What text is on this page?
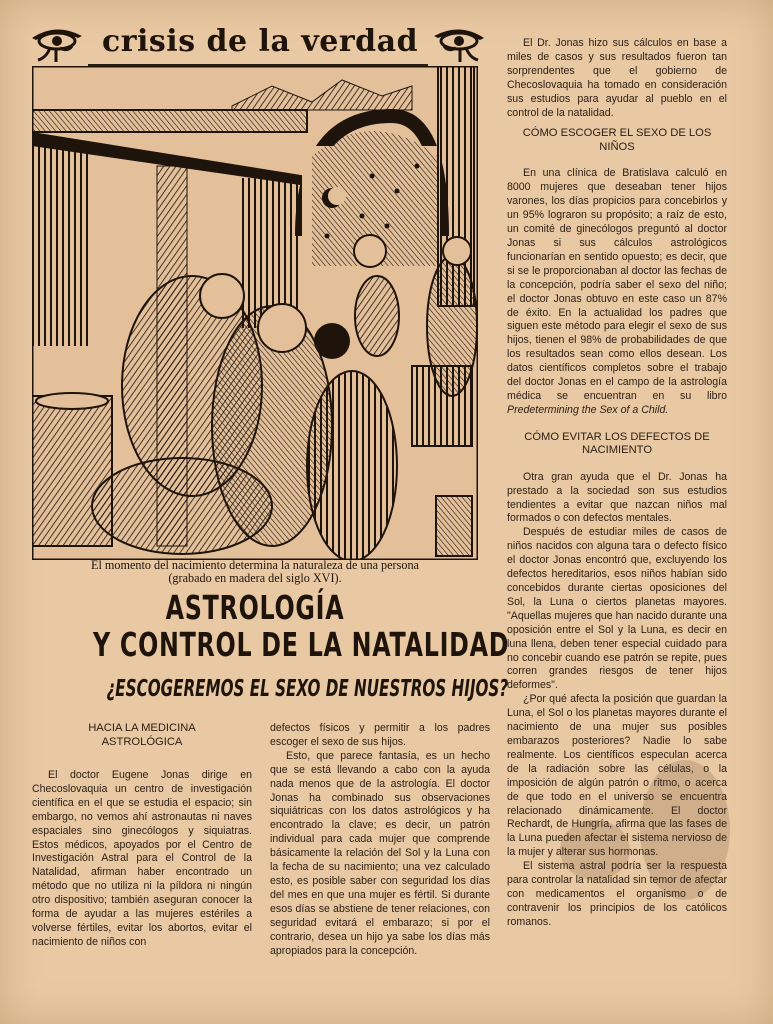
crisis de la verdad
El momento del nacimiento determina la naturaleza de una persona
(grabado en madera del siglo XVI).
ASTROLOGÍA
Y CONTROL DE LA NATALIDAD
¿ESCOGEREMOS EL SEXO DE NUESTROS HIJOS?

HACIA LA MEDICINA

ASTROLÓGICA

El doctor Eugene Jonas dirige en Checoslovaquia un centro de investigación científica en el que se estudia el espacio; sin embargo, no vemos ahí astronautas ni naves espaciales sino ginecólogos y siquiatras. Estos médicos, apoyados por el Centro de Investigación Astral para el Control de la Natalidad, afirman haber encontrado un método que no utiliza ni la píldora ni ningún otro dispositivo; también aseguran conocer la forma de ayudar a las mujeres estériles a volverse fértiles, evitar los abortos, evitar el nacimiento de niños con

defectos físicos y permitir a los padres escoger el sexo de sus hijos.

Esto, que parece fantasía, es un hecho que se está llevando a cabo con la ayuda nada menos que de la astrología. El doctor Jonas ha combinado sus observaciones siquiátricas con los datos astrológicos y ha encontrado la clave; es decir, un patrón individual para cada mujer que comprende básicamente la relación del Sol y la Luna con la fecha de su nacimiento; una vez calculado esto, es posible saber con seguridad los días del mes en que una mujer es fértil. Si durante esos días se abstiene de tener relaciones, con seguridad evitará el embarazo; si por el contrario, desea un hijo ya sabe los días más apropiados para la concepción.

El Dr. Jonas hizo sus cálculos en base a miles de casos y sus resultados fueron tan sorprendentes que el gobierno de Checoslovaquia ha tomado en consideración sus estudios para ayudar al pueblo en el control de la natalidad.

CÓMO ESCOGER EL SEXO DE LOS

NIÑOS

En una clínica de Bratislava calculó en 8000 mujeres que deseaban tener hijos varones, los días propicios para concebirlos y un 95% lograron su propósito; a raíz de esto, un comité de ginecólogos preguntó al doctor Jonas si sus cálculos astrológicos funcionarían en sentido opuesto; es decir, que si se le proporcionaban al doctor las fechas de la concepción, podría saber el sexo del niño; el doctor Jonas obtuvo en este caso un 87% de éxito. En la actualidad los padres que siguen este método para elegir el sexo de sus hijos, tienen el 98% de probabilidades de que los resultados sean como ellos desean. Los datos científicos completos sobre el trabajo del doctor Jonas en el campo de la astrología médica se encuentran en su libro Predetermining the Sex of a Child.

CÓMO EVITAR LOS DEFECTOS DE

NACIMIENTO

Otra gran ayuda que el Dr. Jonas ha prestado a la sociedad son sus estudios tendientes a evitar que nazcan niños mal formados o con defectos mentales.

Después de estudiar miles de casos de niños nacidos con alguna tara o defecto físico el doctor Jonas encontró que, excluyendo los defectos hereditarios, esos niños habían sido concebidos durante ciertas oposiciones del Sol, la Luna o ciertos planetas mayores. "Aquellas mujeres que han nacido durante una oposición entre el Sol y la Luna, es decir en luna llena, deben tener especial cuidado para no concebir cuando ese patrón se repite, pues corren grandes riesgos de tener hijos deformes".

¿Por qué afecta la posición que guardan la Luna, el Sol o los planetas mayores durante el nacimiento de una mujer sus posibles embarazos posteriores? Nadie lo sabe realmente. Los científicos especulan acerca de la radiación sobre las células, o la imposición de algún patrón o ritmo, o acerca de que todo en el universo se encuentra relacionado dinámicamente. El doctor Rechardt, de Hungría, afirma que las fases de la Luna pueden afectar el sistema nervioso de la mujer y alterar sus hormonas.

El sistema astral podría ser la respuesta para controlar la natalidad sin temor de afectar con medicamentos el organismo o de contravenir los principios de los católicos romanos.
